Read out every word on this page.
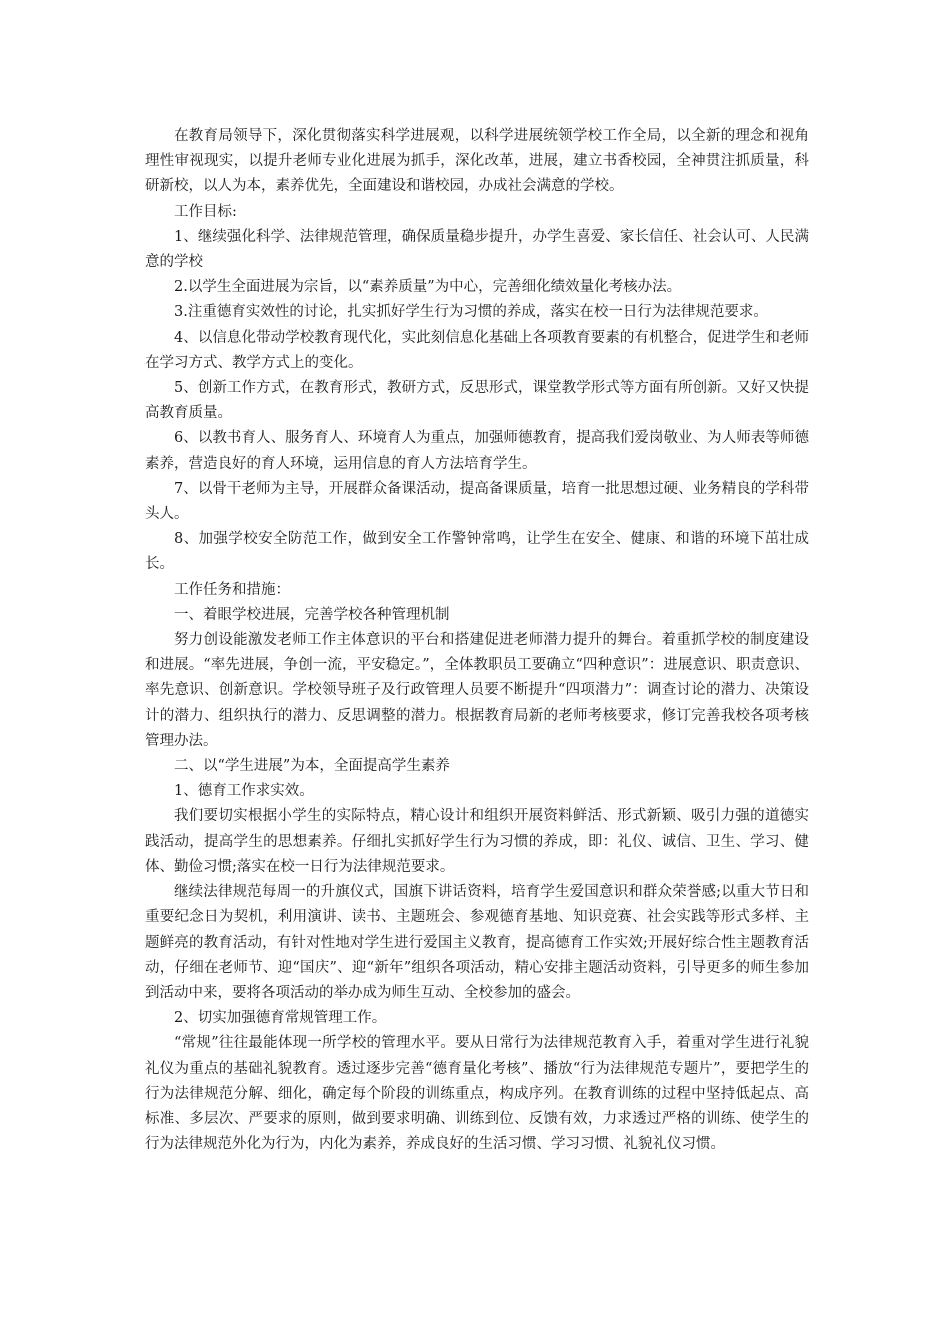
在教育局领导下，深化贯彻落实科学进展观，以科学进展统领学校工作全局，以全新的理念和视角理性审视现实，以提升老师专业化进展为抓手，深化改革，进展，建立书香校园，全神贯注抓质量，科研新校，以人为本，素养优先，全面建设和谐校园，办成社会满意的学校。

工作目标:

1、继续强化科学、法律规范管理，确保质量稳步提升，办学生喜爱、家长信任、社会认可、人民满意的学校

2.以学生全面进展为宗旨，以“素养质量”为中心，完善细化绩效量化考核办法。

3.注重德育实效性的讨论，扎实抓好学生行为习惯的养成，落实在校一日行为法律规范要求。

4、以信息化带动学校教育现代化，实此刻信息化基础上各项教育要素的有机整合，促进学生和老师在学习方式、教学方式上的变化。

5、创新工作方式，在教育形式，教研方式，反思形式，课堂教学形式等方面有所创新。又好又快提高教育质量。

6、以教书育人、服务育人、环境育人为重点，加强师德教育，提高我们爱岗敬业、为人师表等师德素养，营造良好的育人环境，运用信息的育人方法培育学生。

7、以骨干老师为主导，开展群众备课活动，提高备课质量，培育一批思想过硬、业务精良的学科带头人。

8、加强学校安全防范工作，做到安全工作警钟常鸣，让学生在安全、健康、和谐的环境下茁壮成长。

工作任务和措施：

一、着眼学校进展，完善学校各种管理机制

努力创设能激发老师工作主体意识的平台和搭建促进老师潜力提升的舞台。着重抓学校的制度建设和进展。“率先进展，争创一流，平安稳定。”，全体教职员工要确立“四种意识”：进展意识、职责意识、率先意识、创新意识。学校领导班子及行政管理人员要不断提升“四项潜力”：调查讨论的潜力、决策设计的潜力、组织执行的潜力、反思调整的潜力。根据教育局新的老师考核要求，修订完善我校各项考核管理办法。

二、以“学生进展”为本，全面提高学生素养

1、德育工作求实效。

我们要切实根据小学生的实际特点，精心设计和组织开展资料鲜活、形式新颖、吸引力强的道德实践活动，提高学生的思想素养。仔细扎实抓好学生行为习惯的养成，即：礼仪、诚信、卫生、学习、健体、勤俭习惯;落实在校一日行为法律规范要求。

继续法律规范每周一的升旗仪式，国旗下讲话资料，培育学生爱国意识和群众荣誉感;以重大节日和重要纪念日为契机，利用演讲、读书、主题班会、参观德育基地、知识竞赛、社会实践等形式多样、主题鲜亮的教育活动，有针对性地对学生进行爱国主义教育，提高德育工作实效;开展好综合性主题教育活动，仔细在老师节、迎“国庆”、迎“新年”组织各项活动，精心安排主题活动资料，引导更多的师生参加到活动中来，要将各项活动的举办成为师生互动、全校参加的盛会。

2、切实加强德育常规管理工作。

“常规”往往最能体现一所学校的管理水平。要从日常行为法律规范教育入手，着重对学生进行礼貌礼仪为重点的基础礼貌教育。透过逐步完善“德育量化考核”、播放“行为法律规范专题片”，要把学生的行为法律规范分解、细化，确定每个阶段的训练重点，构成序列。在教育训练的过程中坚持低起点、高标准、多层次、严要求的原则，做到要求明确、训练到位、反馈有效，力求透过严格的训练、使学生的行为法律规范外化为行为，内化为素养，养成良好的生活习惯、学习习惯、礼貌礼仪习惯。
